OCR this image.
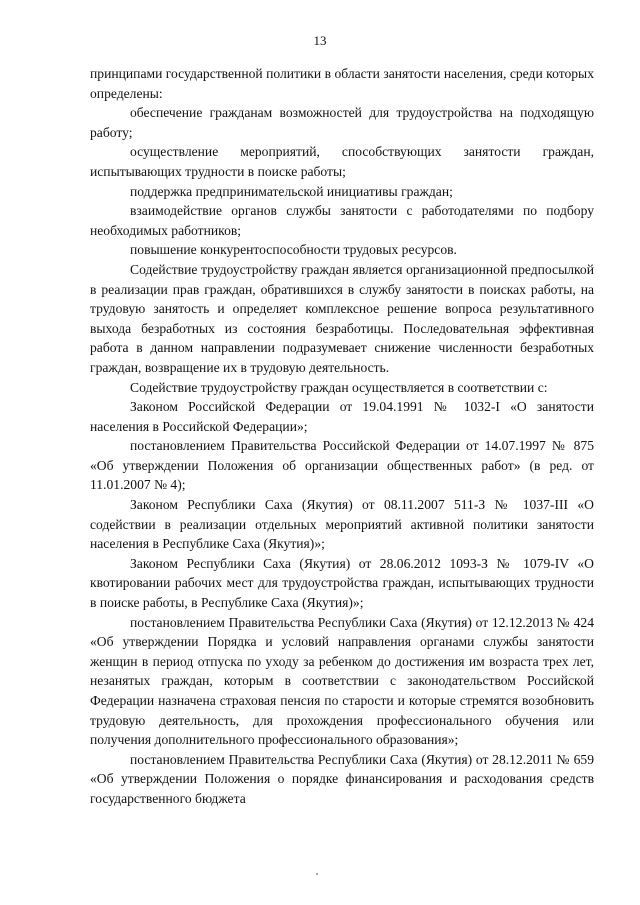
13

принципами государственной политики в области занятости населения, среди которых определены:

обеспечение гражданам возможностей для трудоустройства на подходящую работу;

осуществление мероприятий, способствующих занятости граждан, испытывающих трудности в поиске работы;

поддержка предпринимательской инициативы граждан;

взаимодействие органов службы занятости с работодателями по подбору необходимых работников;

повышение конкурентоспособности трудовых ресурсов.

Содействие трудоустройству граждан является организационной предпосылкой в реализации прав граждан, обратившихся в службу занятости в поисках работы, на трудовую занятость и определяет комплексное решение вопроса результативного выхода безработных из состояния безработицы. Последовательная эффективная работа в данном направлении подразумевает снижение численности безработных граждан, возвращение их в трудовую деятельность.

Содействие трудоустройству граждан осуществляется в соответствии с:

Законом Российской Федерации от 19.04.1991 № 1032-I «О занятости населения в Российской Федерации»;

постановлением Правительства Российской Федерации от 14.07.1997 № 875 «Об утверждении Положения об организации общественных работ» (в ред. от 11.01.2007 № 4);

Законом Республики Саха (Якутия) от 08.11.2007 511-З № 1037-III «О содействии в реализации отдельных мероприятий активной политики занятости населения в Республике Саха (Якутия)»;

Законом Республики Саха (Якутия) от 28.06.2012 1093-З № 1079-IV «О квотировании рабочих мест для трудоустройства граждан, испытывающих трудности в поиске работы, в Республике Саха (Якутия)»;

постановлением Правительства Республики Саха (Якутия) от 12.12.2013 № 424 «Об утверждении Порядка и условий направления органами службы занятости женщин в период отпуска по уходу за ребенком до достижения им возраста трех лет, незанятых граждан, которым в соответствии с законодательством Российской Федерации назначена страховая пенсия по старости и которые стремятся возобновить трудовую деятельность, для прохождения профессионального обучения или получения дополнительного профессионального образования»;

постановлением Правительства Республики Саха (Якутия) от 28.12.2011 № 659 «Об утверждении Положения о порядке финансирования и расходования средств государственного бюджета
